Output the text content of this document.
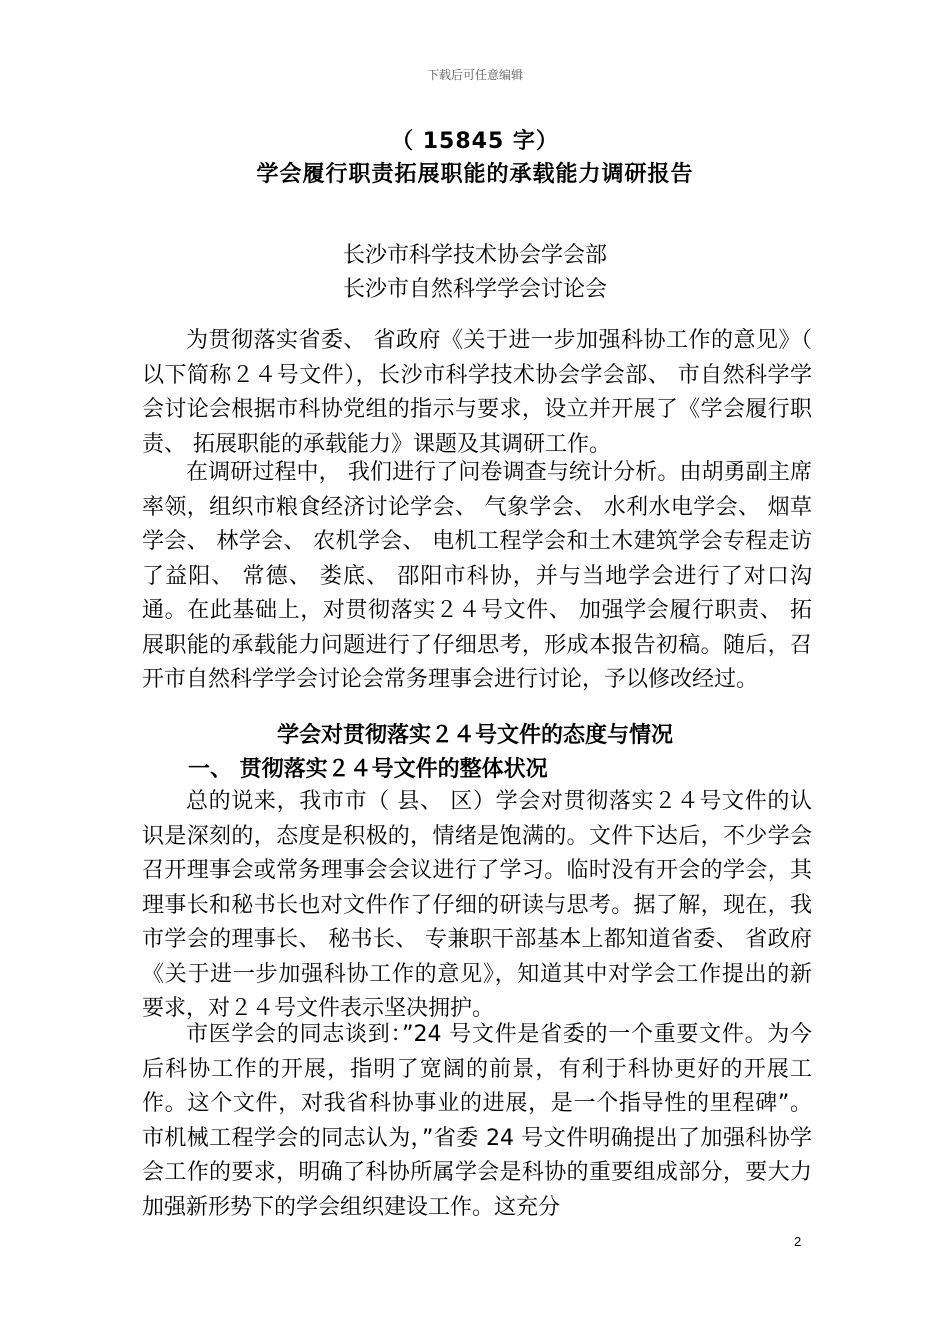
下载后可任意编辑
（ 15845 字）
学会履行职责拓展职能的承载能力调研报告
长沙市科学技术协会学会部
长沙市自然科学学会讨论会

为贯彻落实省委、 省政府《关于进一步加强科协工作的意见》（ 以下简称２４号文件），长沙市科学技术协会学会部、 市自然科学学会讨论会根据市科协党组的指示与要求，设立并开展了《学会履行职责、 拓展职能的承载能力》课题及其调研工作。

在调研过程中， 我们进行了问卷调查与统计分析。由胡勇副主席率领，组织市粮食经济讨论学会、 气象学会、 水利水电学会、 烟草学会、 林学会、 农机学会、 电机工程学会和土木建筑学会专程走访了益阳、 常德、 娄底、 邵阳市科协，并与当地学会进行了对口沟通。在此基础上，对贯彻落实２４号文件、 加强学会履行职责、 拓展职能的承载能力问题进行了仔细思考，形成本报告初稿。随后，召开市自然科学学会讨论会常务理事会进行讨论，予以修改经过。

学会对贯彻落实２４号文件的态度与情况
一、 贯彻落实２４号文件的整体状况

总的说来，我市市（ 县、 区）学会对贯彻落实２４号文件的认识是深刻的，态度是积极的，情绪是饱满的。文件下达后，不少学会召开理事会或常务理事会会议进行了学习。临时没有开会的学会，其理事长和秘书长也对文件作了仔细的研读与思考。据了解，现在，我市学会的理事长、 秘书长、 专兼职干部基本上都知道省委、 省政府《关于进一步加强科协工作的意见》，知道其中对学会工作提出的新要求，对２４号文件表示坚决拥护。

市医学会的同志谈到：”24 号文件是省委的一个重要文件。为今后科协工作的开展，指明了宽阔的前景，有利于科协更好的开展工作。这个文件，对我省科协事业的进展，是一个指导性的里程碑”。市机械工程学会的同志认为，”省委 24 号文件明确提出了加强科协学会工作的要求，明确了科协所属学会是科协的重要组成部分，要大力加强新形势下的学会组织建设工作。这充分

2
